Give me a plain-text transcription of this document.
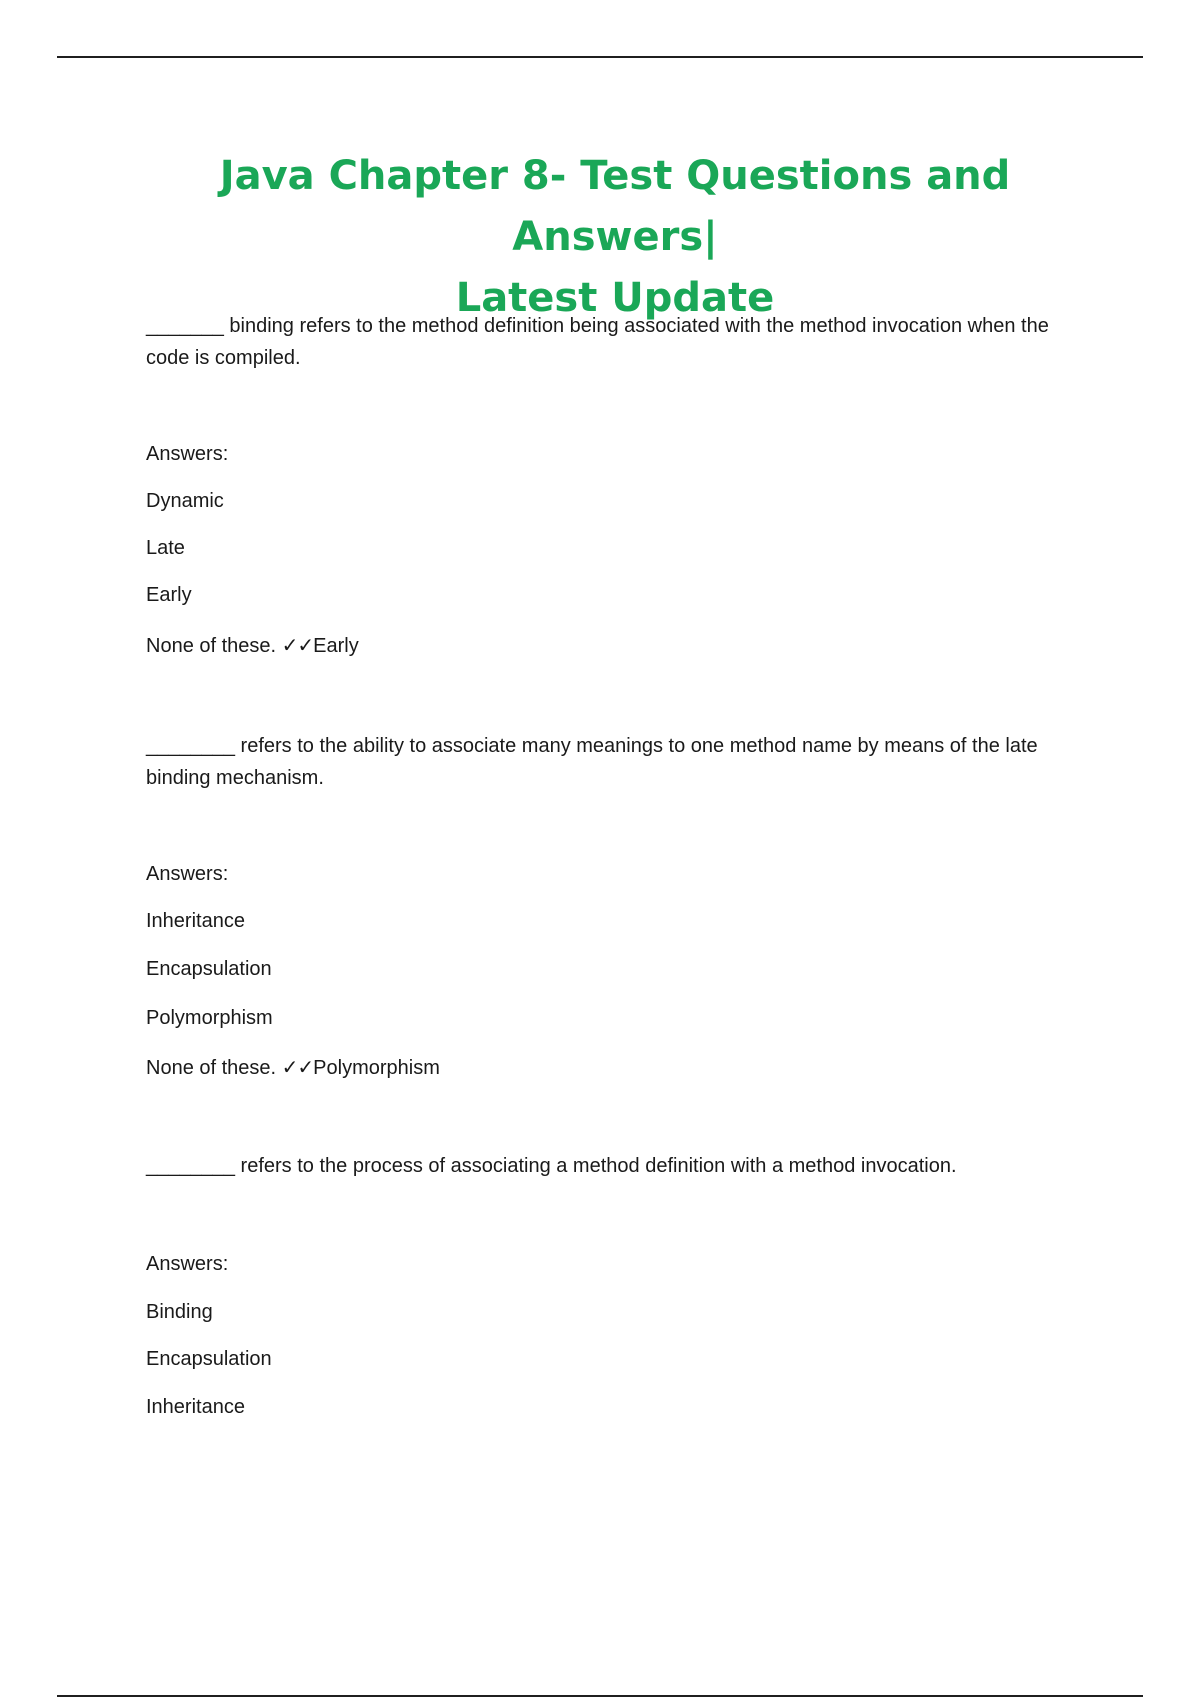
Java Chapter 8- Test Questions and Answers|
Latest Update

_______ binding refers to the method definition being associated with the method invocation when the code is compiled.

Answers:
Dynamic
Late
Early
None of these. ✓✓Early

________ refers to the ability to associate many meanings to one method name by means of the late binding mechanism.

Answers:
Inheritance
Encapsulation
Polymorphism
None of these. ✓✓Polymorphism

________ refers to the process of associating a method definition with a method invocation.

Answers:
Binding
Encapsulation
Inheritance
